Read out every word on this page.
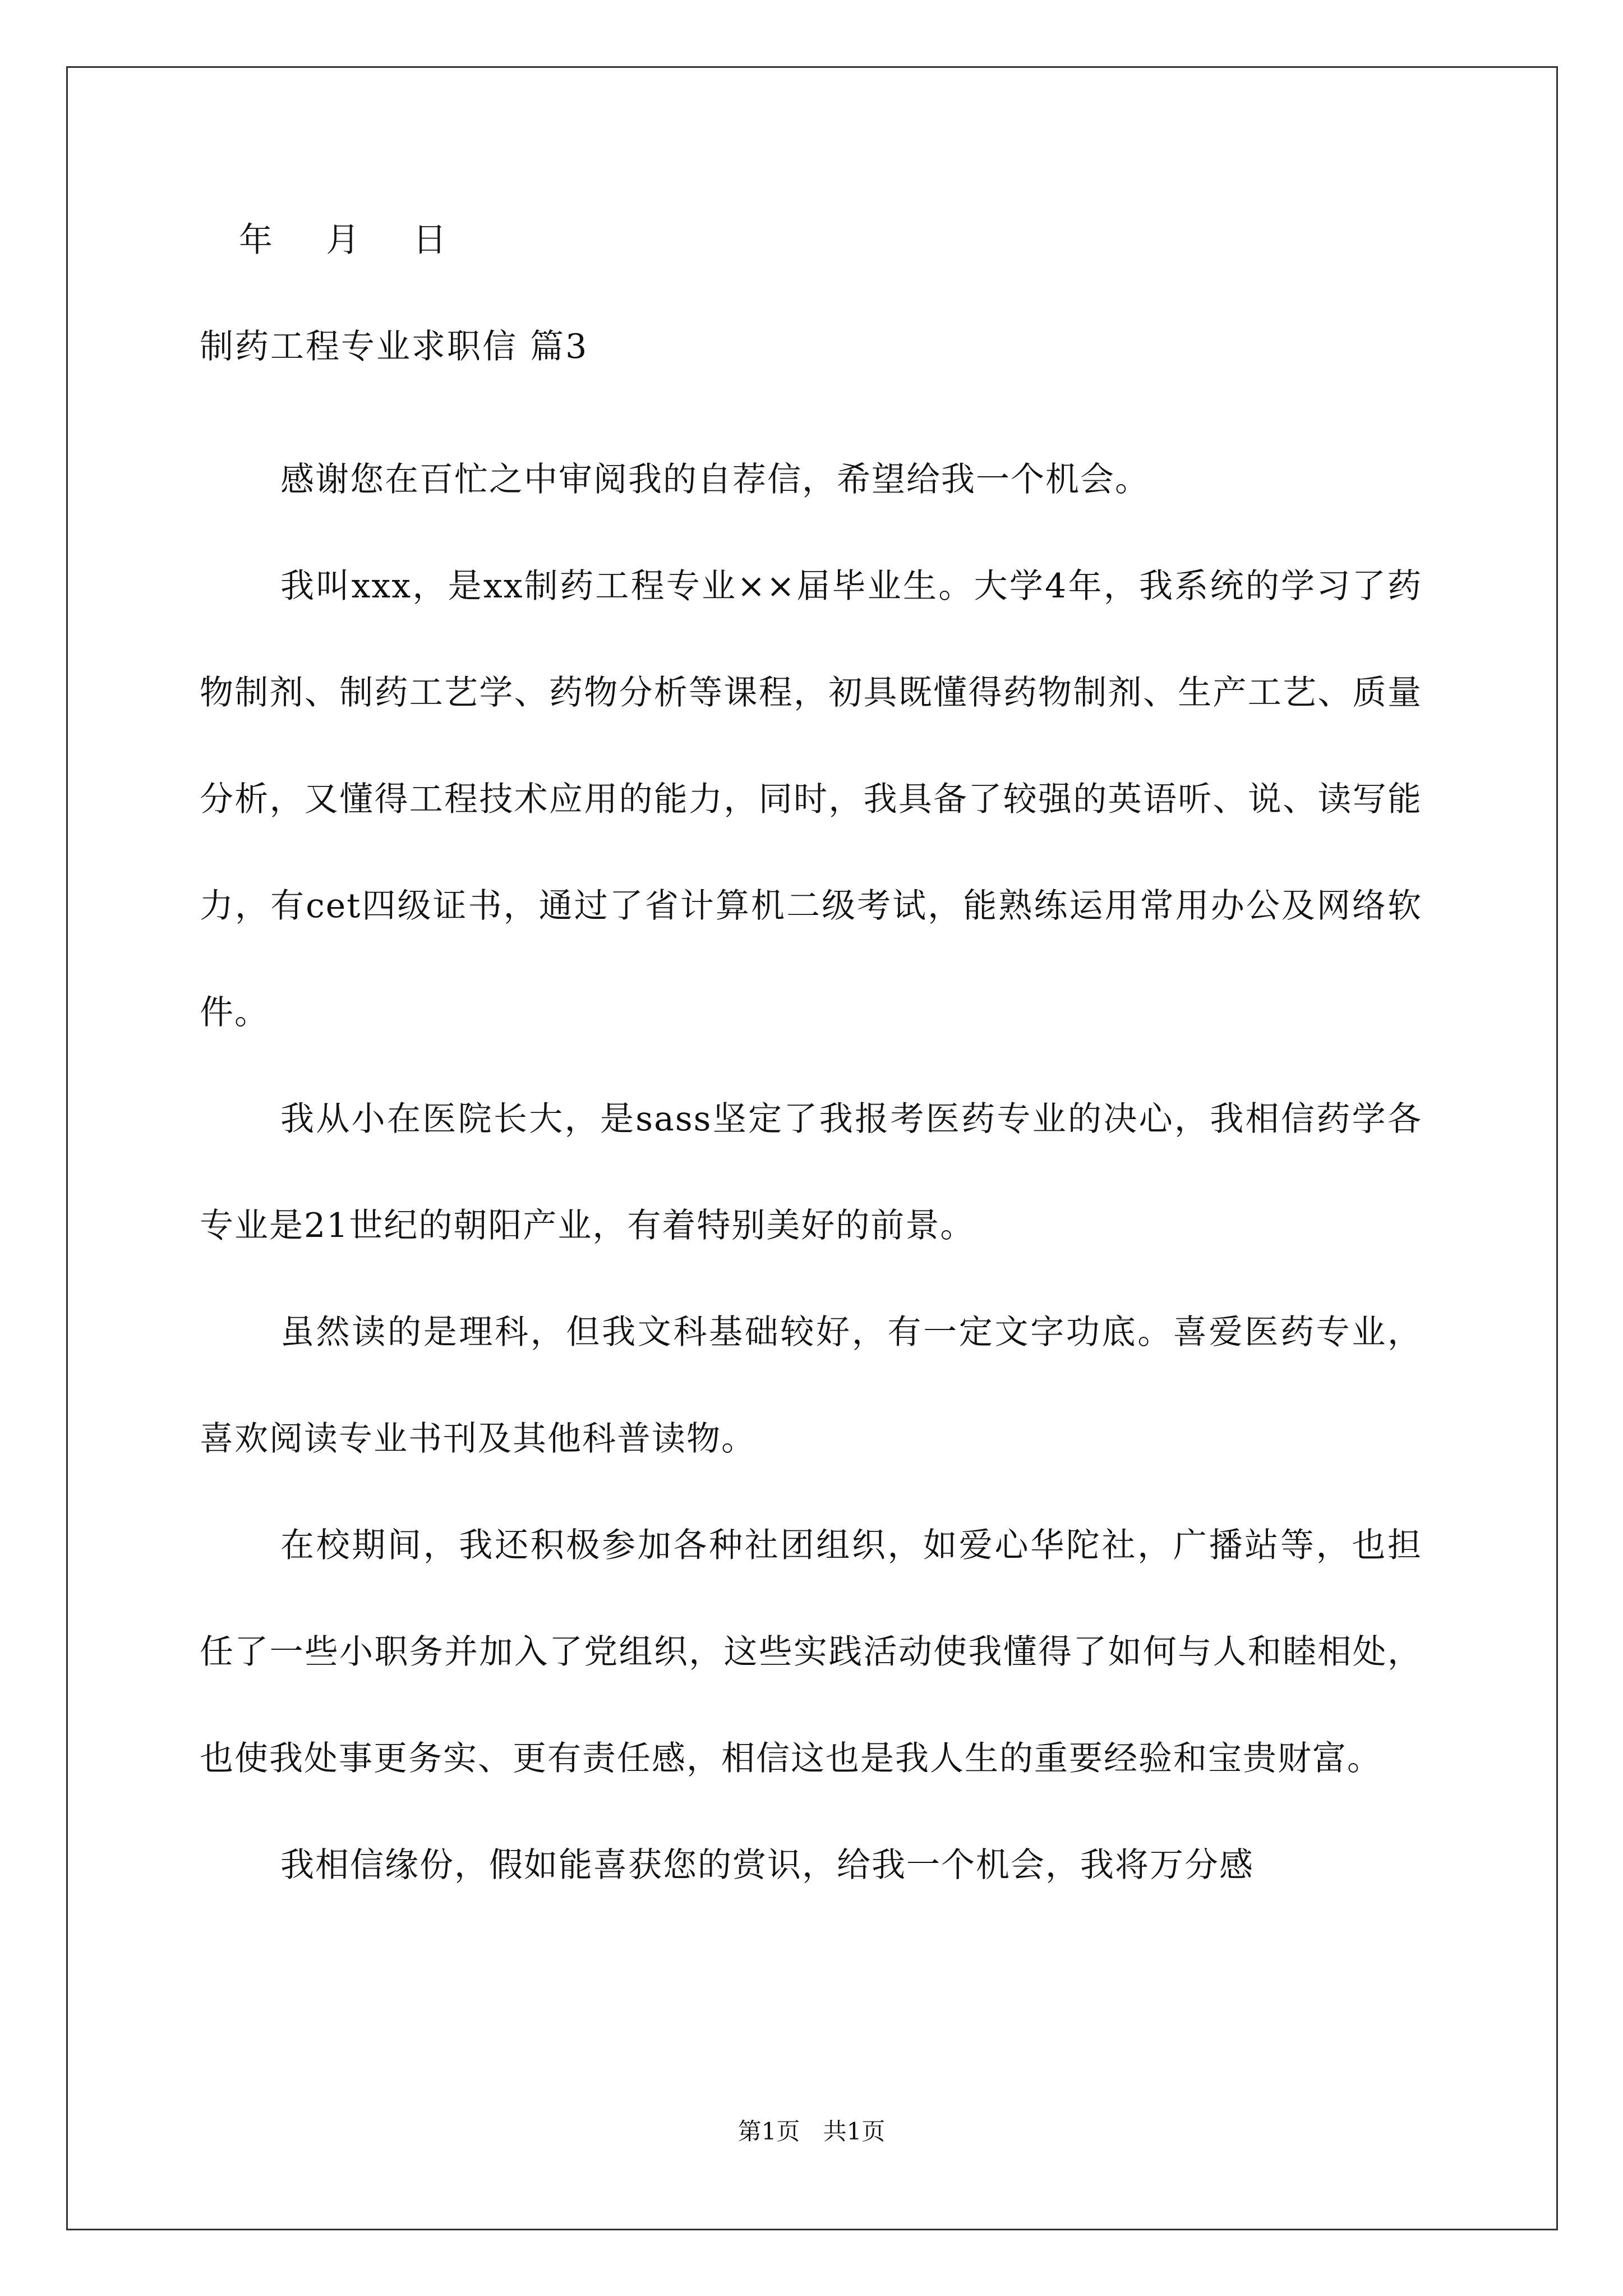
年 月 日
制药工程专业求职信 篇3

感谢您在百忙之中审阅我的自荐信，希望给我一个机会。

我叫xxx，是xx制药工程专业××届毕业生。大学4年，我系统的学习了药物制剂、制药工艺学、药物分析等课程，初具既懂得药物制剂、生产工艺、质量分析，又懂得工程技术应用的能力，同时，我具备了较强的英语听、说、读写能力，有cet四级证书，通过了省计算机二级考试，能熟练运用常用办公及网络软件。

我从小在医院长大，是sass坚定了我报考医药专业的决心，我相信药学各专业是21世纪的朝阳产业，有着特别美好的前景。

虽然读的是理科，但我文科基础较好，有一定文字功底。喜爱医药专业，喜欢阅读专业书刊及其他科普读物。

在校期间，我还积极参加各种社团组织，如爱心华陀社，广播站等，也担任了一些小职务并加入了党组织，这些实践活动使我懂得了如何与人和睦相处，也使我处事更务实、更有责任感，相信这也是我人生的重要经验和宝贵财富。

我相信缘份，假如能喜获您的赏识，给我一个机会，我将万分感

第1页 共1页
